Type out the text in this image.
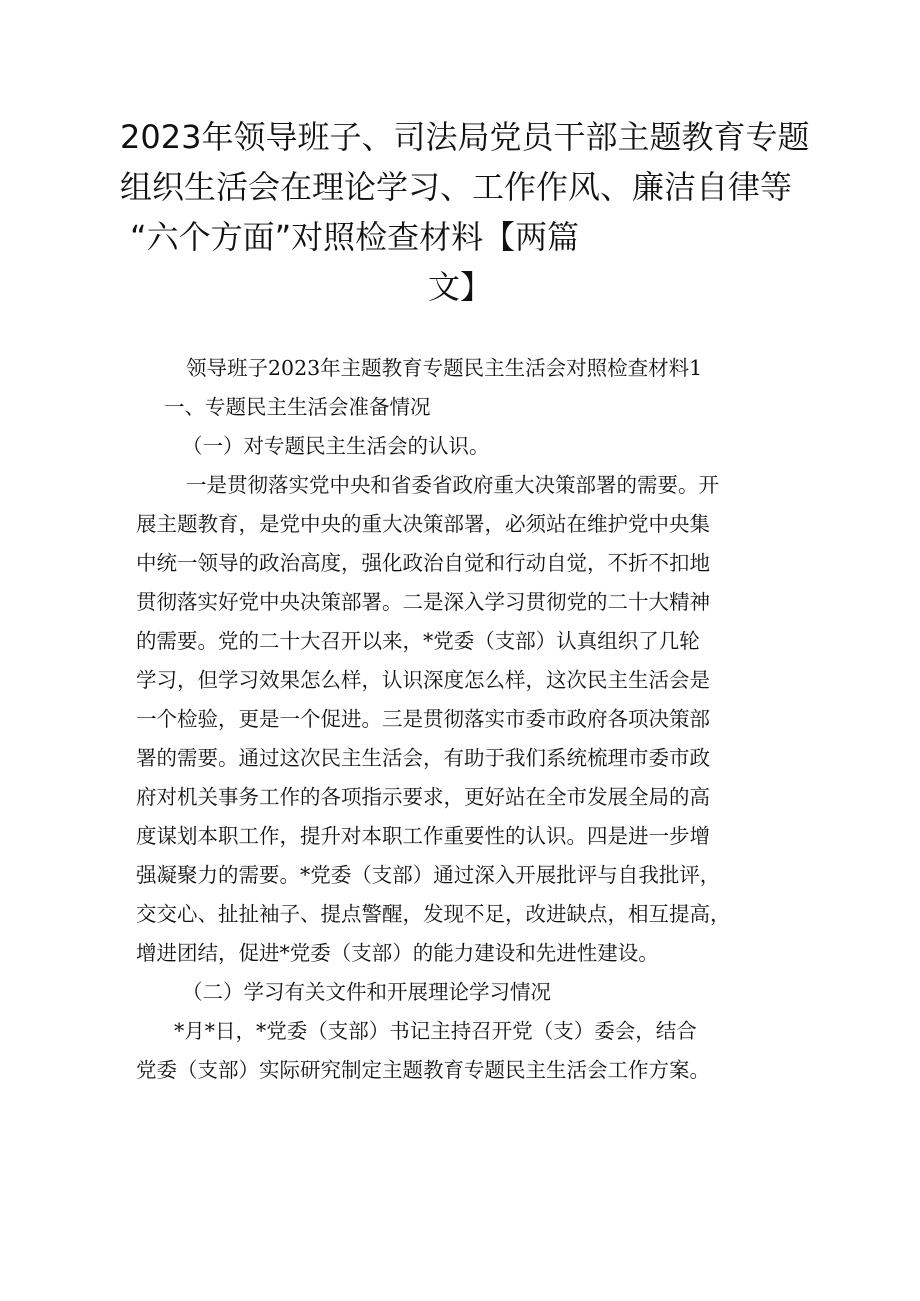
2023年领导班子、司法局党员干部主题教育专题
组织生活会在理论学习、工作作风、廉洁自律等
“六个方面”对照检查材料【两篇
文】
领导班子2023年主题教育专题民主生活会对照检查材料1
一、专题民主生活会准备情况
（一）对专题民主生活会的认识。
一是贯彻落实党中央和省委省政府重大决策部署的需要。开
展主题教育，是党中央的重大决策部署，必须站在维护党中央集
中统一领导的政治高度，强化政治自觉和行动自觉，不折不扣地
贯彻落实好党中央决策部署。二是深入学习贯彻党的二十大精神
的需要。党的二十大召开以来，*党委（支部）认真组织了几轮
学习，但学习效果怎么样，认识深度怎么样，这次民主生活会是
一个检验，更是一个促进。三是贯彻落实市委市政府各项决策部
署的需要。通过这次民主生活会，有助于我们系统梳理市委市政
府对机关事务工作的各项指示要求，更好站在全市发展全局的高
度谋划本职工作，提升对本职工作重要性的认识。四是进一步增
强凝聚力的需要。*党委（支部）通过深入开展批评与自我批评，
交交心、扯扯袖子、提点警醒，发现不足，改进缺点，相互提高，
增进团结，促进*党委（支部）的能力建设和先进性建设。
（二）学习有关文件和开展理论学习情况
*月*日，*党委（支部）书记主持召开党（支）委会，结合
党委（支部）实际研究制定主题教育专题民主生活会工作方案。
